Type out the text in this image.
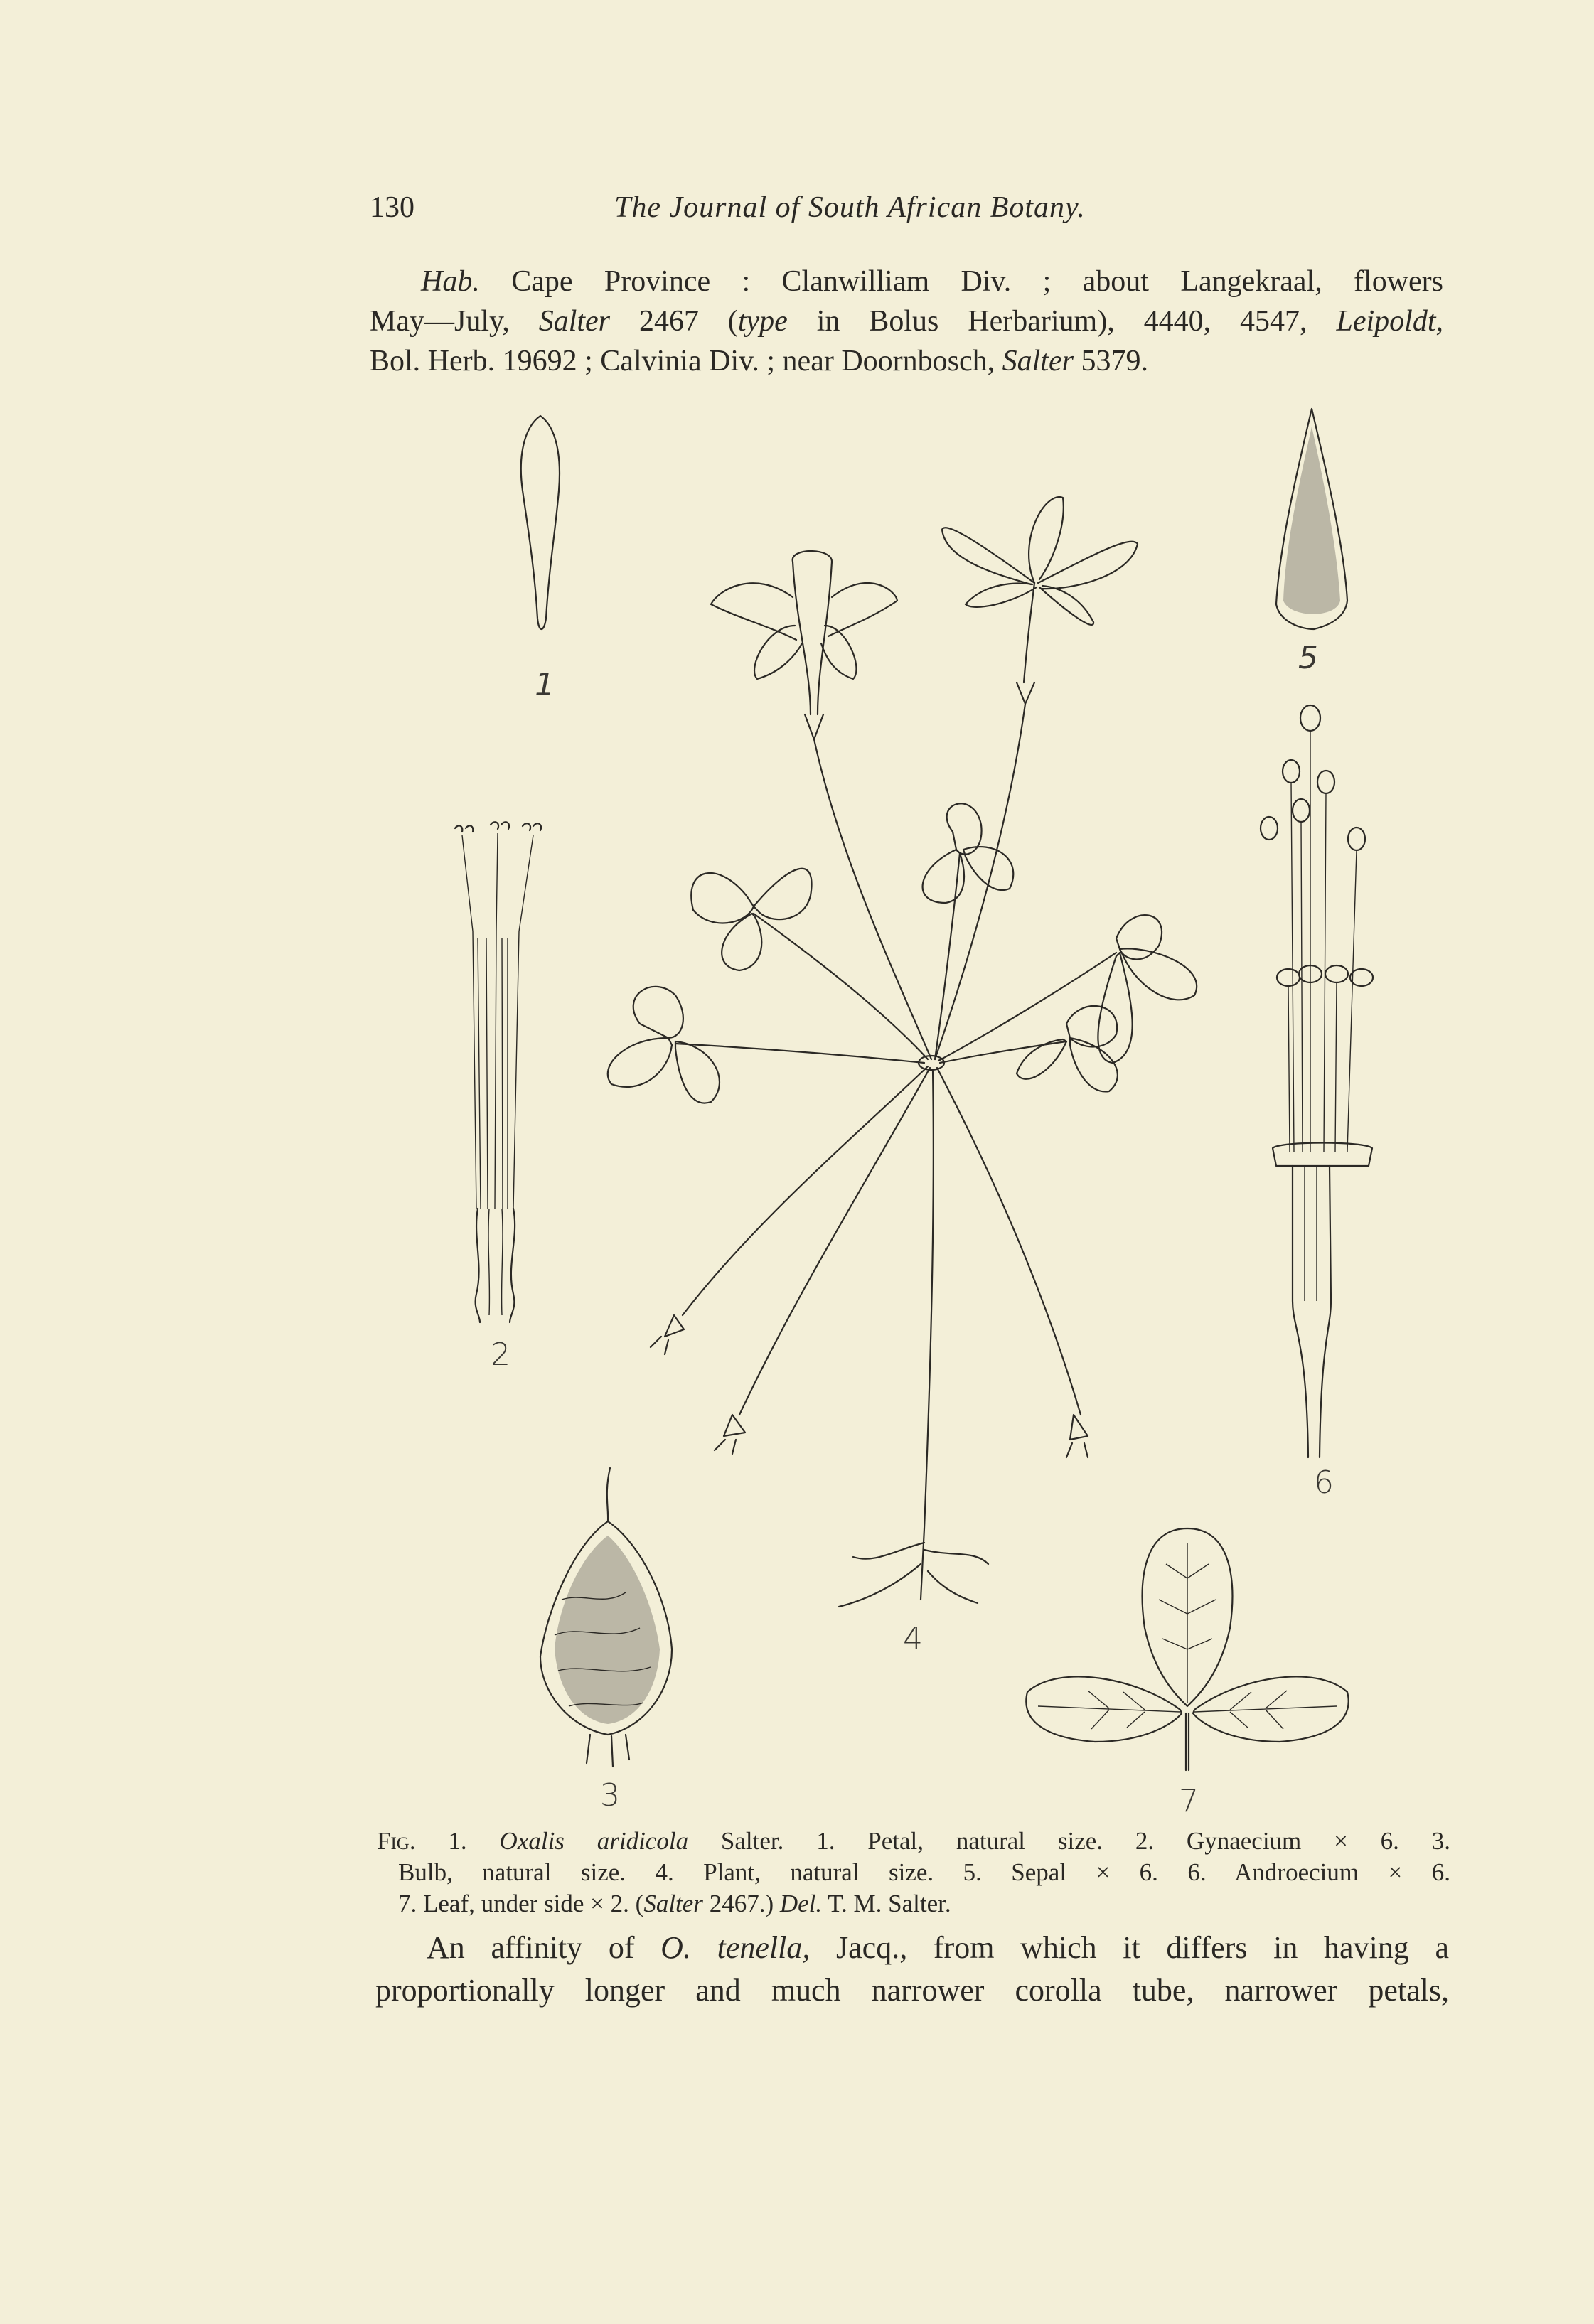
130	The Journal of South African Botany.
Hab. Cape Province : Clanwilliam Div. ; about Langekraal, flowers
May—July, Salter 2467 (type in Bolus Herbarium), 4440, 4547, Leipoldt,
Bol. Herb. 19692 ; Calvinia Div. ; near Doornbosch, Salter 5379.
1
5
2
6
4
3	7
Fig. 1. Oxalis aridicola Salter. 1. Petal, natural size. 2. Gynaecium × 6. 3.
Bulb, natural size. 4. Plant, natural size. 5. Sepal × 6. 6. Androecium × 6.
7. Leaf, under side × 2. (Salter 2467.) Del. T. M. Salter.
An affinity of O. tenella, Jacq., from which it differs in having a
proportionally longer and much narrower corolla tube, narrower petals,
